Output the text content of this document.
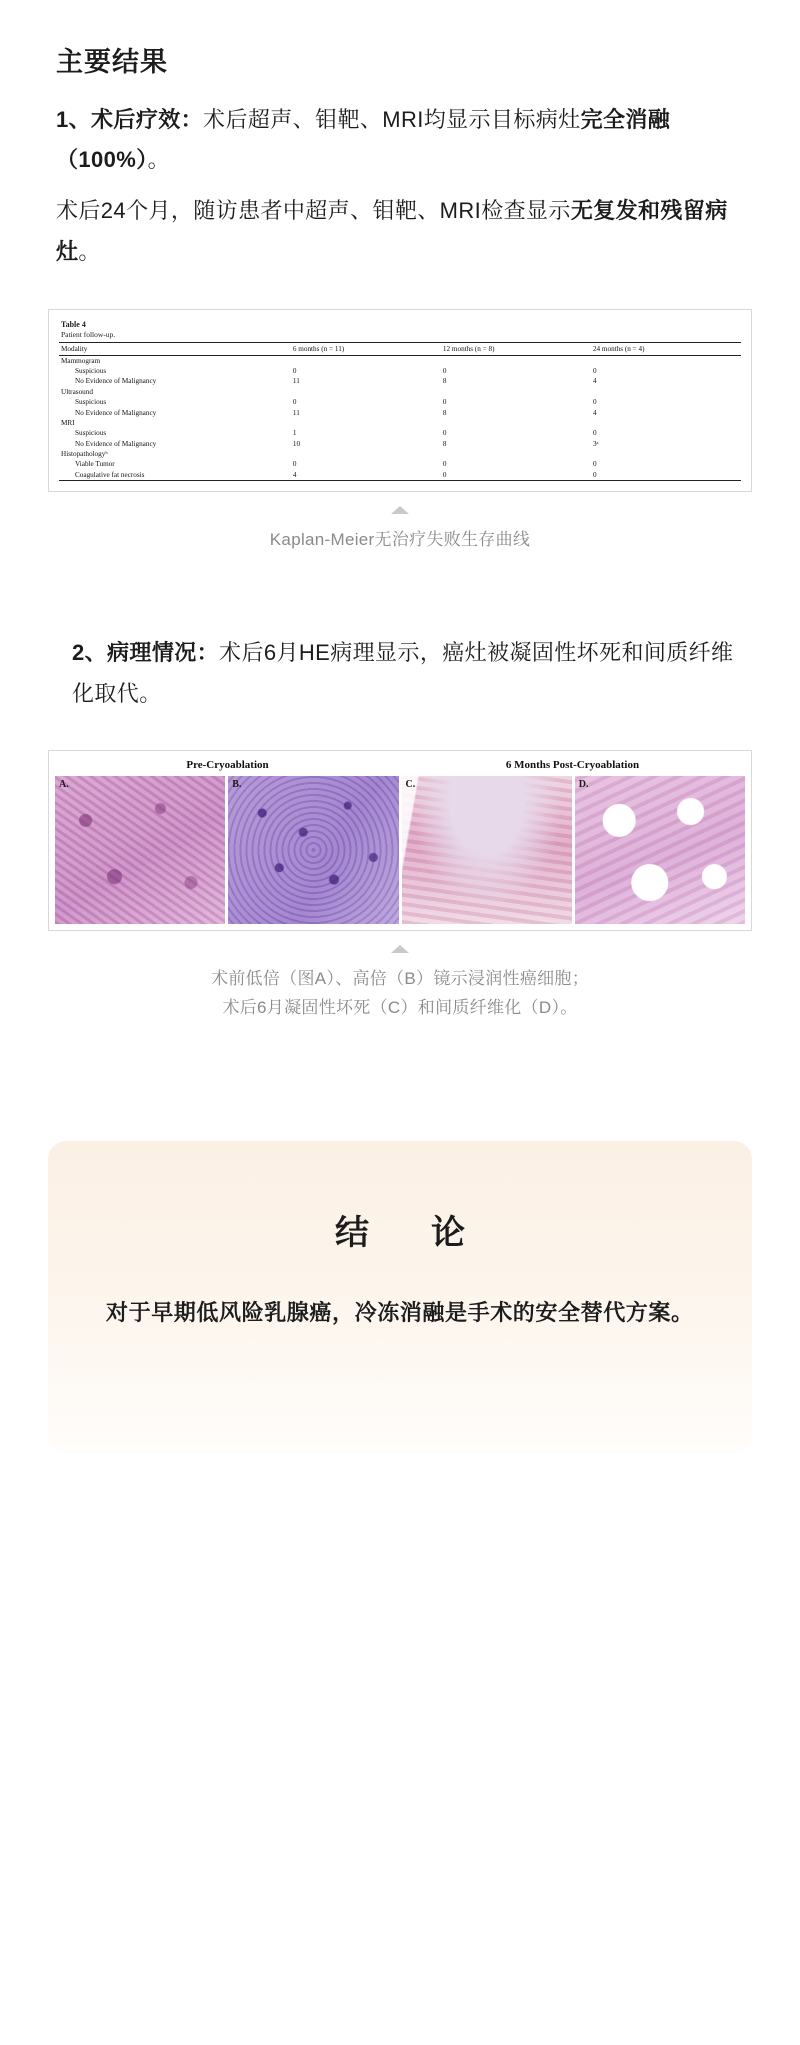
主要结果

1、术后疗效：术后超声、钼靶、MRI均显示目标病灶完全消融（100%）。

术后24个月，随访患者中超声、钼靶、MRI检查显示无复发和残留病灶。

Table 4
Patient follow-up.
Modality	6 months (n = 11)	12 months (n = 8)	24 months (n = 4)
Mammogram			
Suspicious	0	0	0
No Evidence of Malignancy	11	8	4
Ultrasound			
Suspicious	0	0	0
No Evidence of Malignancy	11	8	4
MRI			
Suspicious	1	0	0
No Evidence of Malignancy	10	8	3ᵃ
Histopathologyᵇ			
Viable Tumor	0	0	0
Coagulative fat necrosis	4	0	0
Kaplan-Meier无治疗失败生存曲线

2、病理情况：术后6月HE病理显示，癌灶被凝固性坏死和间质纤维化取代。

Pre-Cryoablation	6 Months Post-Cryoablation
A.	B.	C.	D.
术前低倍（图A）、高倍（B）镜示浸润性癌细胞；
术后6月凝固性坏死（C）和间质纤维化（D）。
结　论
对于早期低风险乳腺癌，冷冻消融是手术的安全替代方案。
